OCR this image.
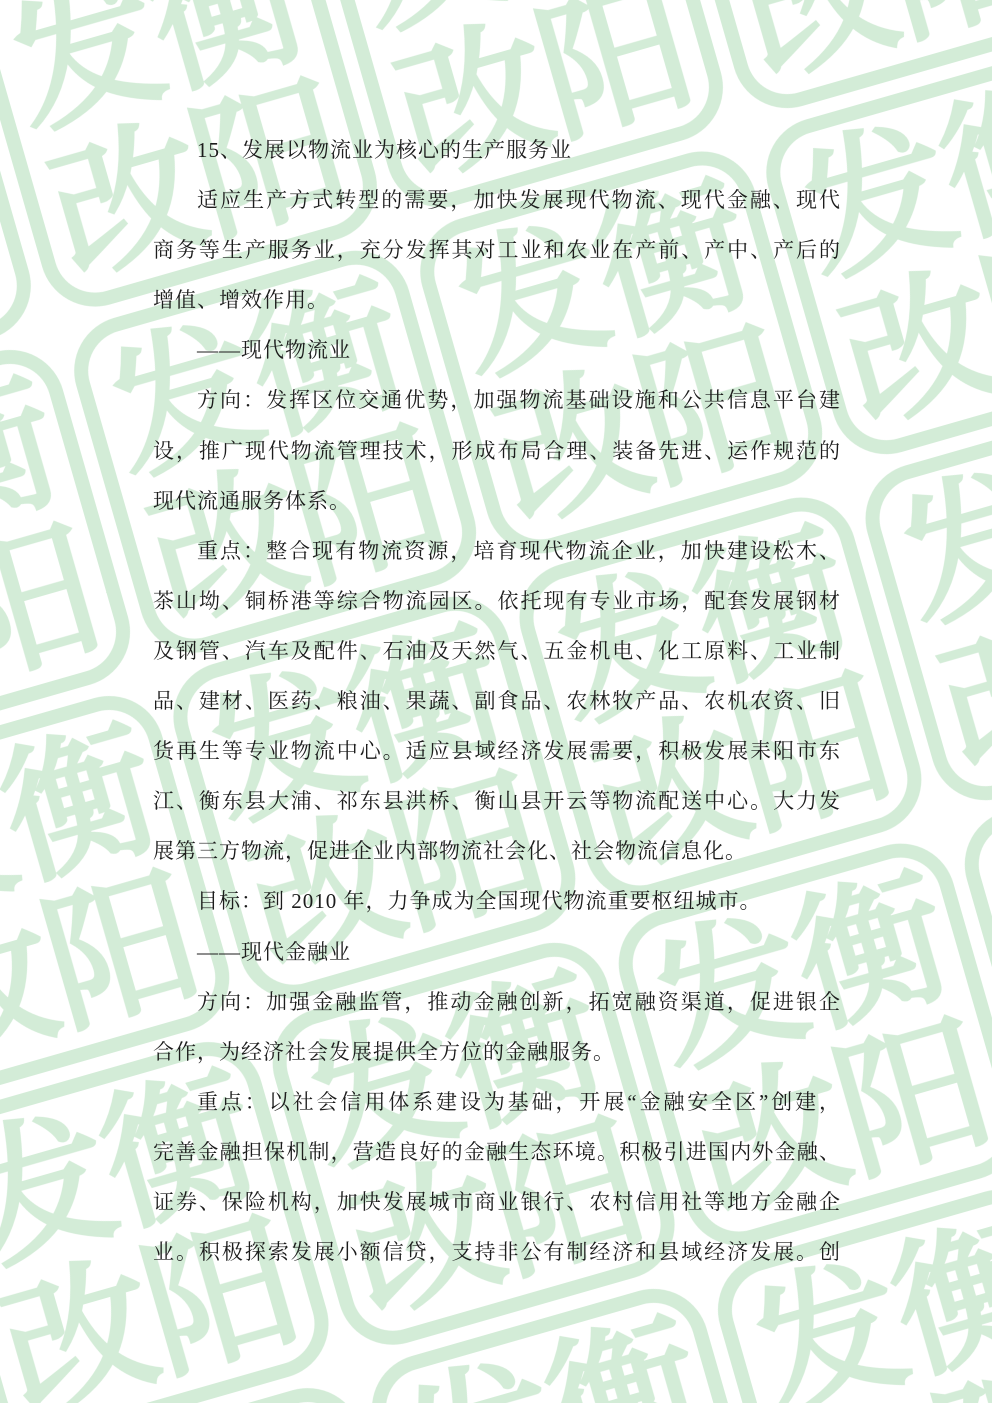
15、发展以物流业为核心的生产服务业
适应生产方式转型的需要，加快发展现代物流、现代金融、现代
商务等生产服务业，充分发挥其对工业和农业在产前、产中、产后的
增值、增效作用。
——现代物流业
方向：发挥区位交通优势，加强物流基础设施和公共信息平台建
设，推广现代物流管理技术，形成布局合理、装备先进、运作规范的
现代流通服务体系。
重点：整合现有物流资源，培育现代物流企业，加快建设松木、
茶山坳、铜桥港等综合物流园区。依托现有专业市场，配套发展钢材
及钢管、汽车及配件、石油及天然气、五金机电、化工原料、工业制
品、建材、医药、粮油、果蔬、副食品、农林牧产品、农机农资、旧
货再生等专业物流中心。适应县域经济发展需要，积极发展耒阳市东
江、衡东县大浦、祁东县洪桥、衡山县开云等物流配送中心。大力发
展第三方物流，促进企业内部物流社会化、社会物流信息化。
目标：到 2010 年，力争成为全国现代物流重要枢纽城市。
——现代金融业
方向：加强金融监管，推动金融创新，拓宽融资渠道，促进银企
合作，为经济社会发展提供全方位的金融服务。
重点：以社会信用体系建设为基础，开展“金融安全区”创建，
完善金融担保机制，营造良好的金融生态环境。积极引进国内外金融、
证券、保险机构，加快发展城市商业银行、农村信用社等地方金融企
业。积极探索发展小额信贷，支持非公有制经济和县域经济发展。创
